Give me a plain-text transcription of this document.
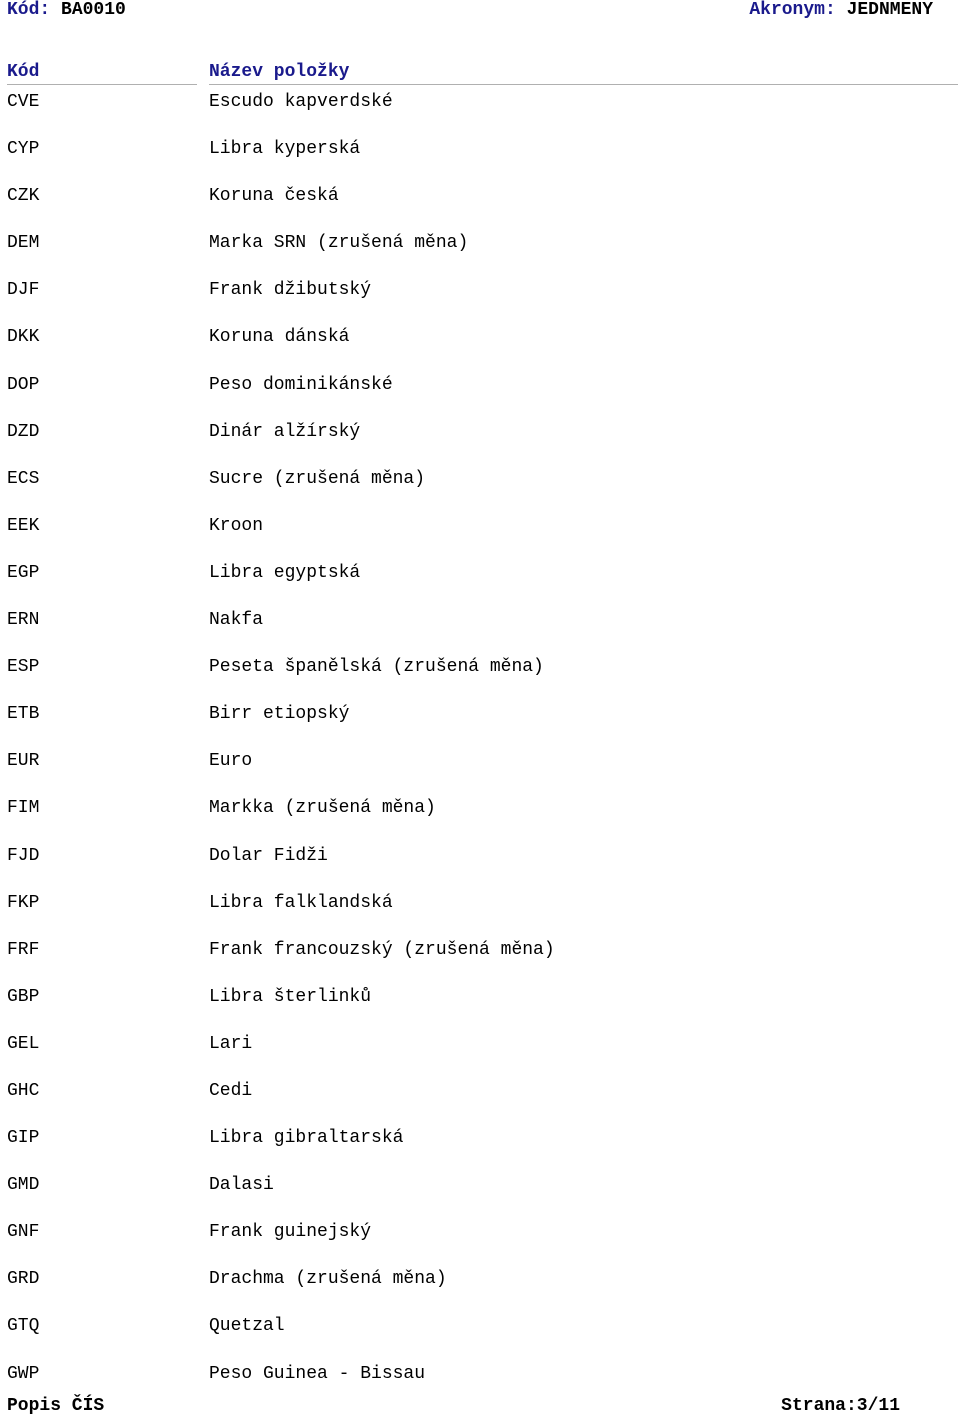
Kód: BA0010	Akronym: JEDNMENY
Kód	Název položky
CVE	Escudo kapverdské
CYP	Libra kyperská
CZK	Koruna česká
DEM	Marka SRN (zrušená měna)
DJF	Frank džibutský
DKK	Koruna dánská
DOP	Peso dominikánské
DZD	Dinár alžírský
ECS	Sucre (zrušená měna)
EEK	Kroon
EGP	Libra egyptská
ERN	Nakfa
ESP	Peseta španělská (zrušená měna)
ETB	Birr etiopský
EUR	Euro
FIM	Markka (zrušená měna)
FJD	Dolar Fidži
FKP	Libra falklandská
FRF	Frank francouzský (zrušená měna)
GBP	Libra šterlinků
GEL	Lari
GHC	Cedi
GIP	Libra gibraltarská
GMD	Dalasi
GNF	Frank guinejský
GRD	Drachma (zrušená měna)
GTQ	Quetzal
GWP	Peso Guinea - Bissau
Popis ČÍS	Strana:3/11
